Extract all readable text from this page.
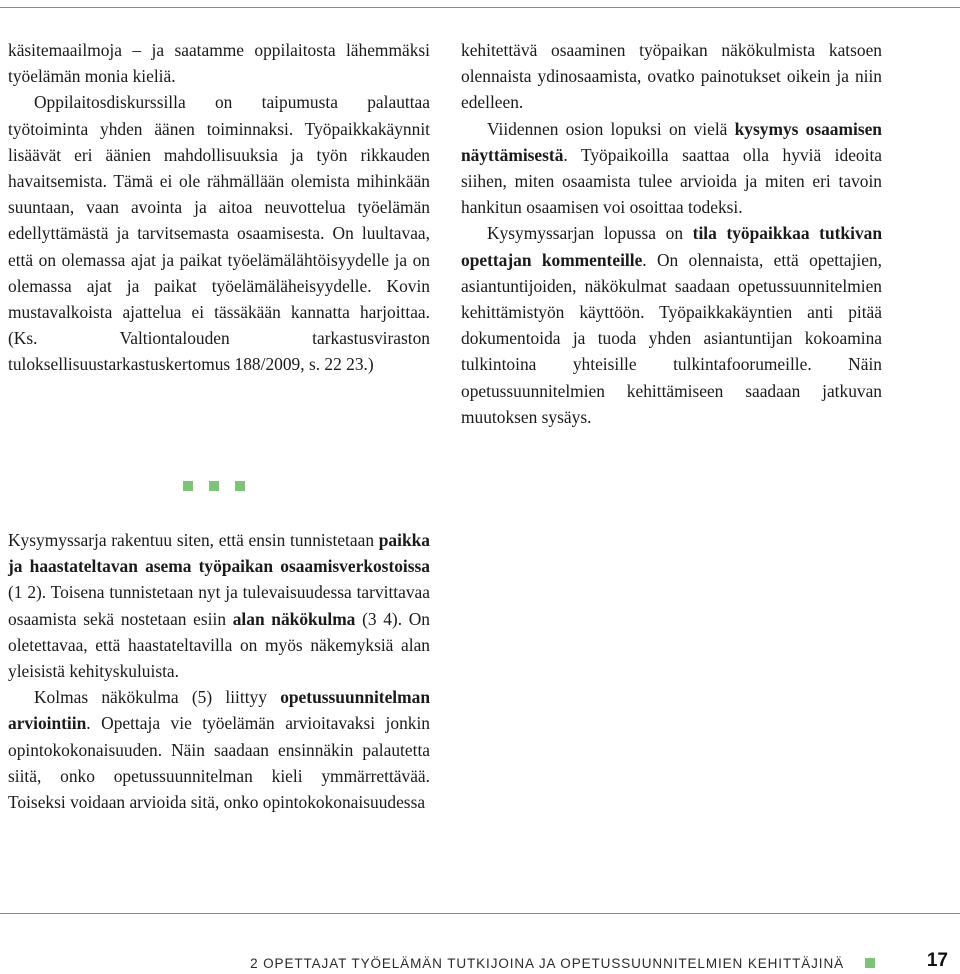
käsitemaailmoja – ja saatamme oppilaitosta lähemmäksi työelämän monia kieliä.

Oppilaitosdiskurssilla on taipumusta palauttaa työtoiminta yhden äänen toiminnaksi. Työpaikkakäynnit lisäävät eri äänien mahdollisuuksia ja työn rikkauden havaitsemista. Tämä ei ole rähmällään olemista mihinkään suuntaan, vaan avointa ja aitoa neuvottelua työelämän edellyttämästä ja tarvitsemasta osaamisesta. On luultavaa, että on olemassa ajat ja paikat työelämälähtöisyydelle ja on olemassa ajat ja paikat työelämäläheisyydelle. Kovin mustavalkoista ajattelua ei tässäkään kannatta harjoittaa. (Ks. Valtiontalouden tarkastusviraston tuloksellisuustarkastuskertomus 188/2009, s. 22 23.)

Kysymyssarja rakentuu siten, että ensin tunnistetaan paikka ja haastateltavan asema työpaikan osaamisverkostoissa (1 2). Toisena tunnistetaan nyt ja tulevaisuudessa tarvittavaa osaamista sekä nostetaan esiin alan näkökulma (3 4). On oletettavaa, että haastateltavilla on myös näkemyksiä alan yleisistä kehityskuluista.

Kolmas näkökulma (5) liittyy opetussuunnitelman arviointiin. Opettaja vie työelämän arvioitavaksi jonkin opintokokonaisuuden. Näin saadaan ensinnäkin palautetta siitä, onko opetussuunnitelman kieli ymmärrettävää. Toiseksi voidaan arvioida sitä, onko opintokokonaisuudessa

kehitettävä osaaminen työpaikan näkökulmista katsoen olennaista ydinosaamista, ovatko painotukset oikein ja niin edelleen.

Viidennen osion lopuksi on vielä kysymys osaamisen näyttämisestä. Työpaikoilla saattaa olla hyviä ideoita siihen, miten osaamista tulee arvioida ja miten eri tavoin hankitun osaamisen voi osoittaa todeksi.

Kysymyssarjan lopussa on tila työpaikkaa tutkivan opettajan kommenteille. On olennaista, että opettajien, asiantuntijoiden, näkökulmat saadaan opetussuunnitelmien kehittämistyön käyttöön. Työpaikkakäyntien anti pitää dokumentoida ja tuoda yhden asiantuntijan kokoamina tulkintoina yhteisille tulkintafoorumeille. Näin opetussuunnitelmien kehittämiseen saadaan jatkuvan muutoksen sysäys.

2 OPETTAJAT TYÖELÄMÄN TUTKIJOINA JA OPETUSSUUNNITELMIEN KEHITTÄJINÄ	17
